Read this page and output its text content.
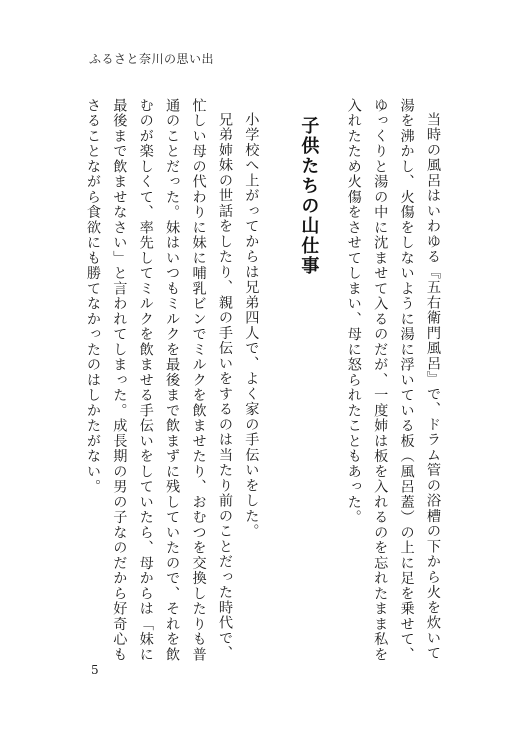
ふるさと奈川の思い出

当時の風呂はいわゆる『五右衛門風呂』で、ドラム管の浴槽の下から火を炊いて湯を沸かし、火傷をしないように湯に浮いている板（風呂蓋）の上に足を乗せて、ゆっくりと湯の中に沈ませて入るのだが、一度姉は板を入れるのを忘れたまま私を入れたため火傷をさせてしまい、母に怒られたこともあった。

子供たちの山仕事

小学校へ上がってからは兄弟四人で、よく家の手伝いをした。

兄弟姉妹の世話をしたり、親の手伝いをするのは当たり前のことだった時代で、忙しい母の代わりに妹に哺乳ビンでミルクを飲ませたり、おむつを交換したりも普通のことだった。妹はいつもミルクを最後まで飲まずに残していたので、それを飲むのが楽しくて、率先してミルクを飲ませる手伝いをしていたら、母からは「妹に最後まで飲ませなさい」と言われてしまった。成長期の男の子なのだから好奇心もさることながら食欲にも勝てなかったのはしかたがない。

5
